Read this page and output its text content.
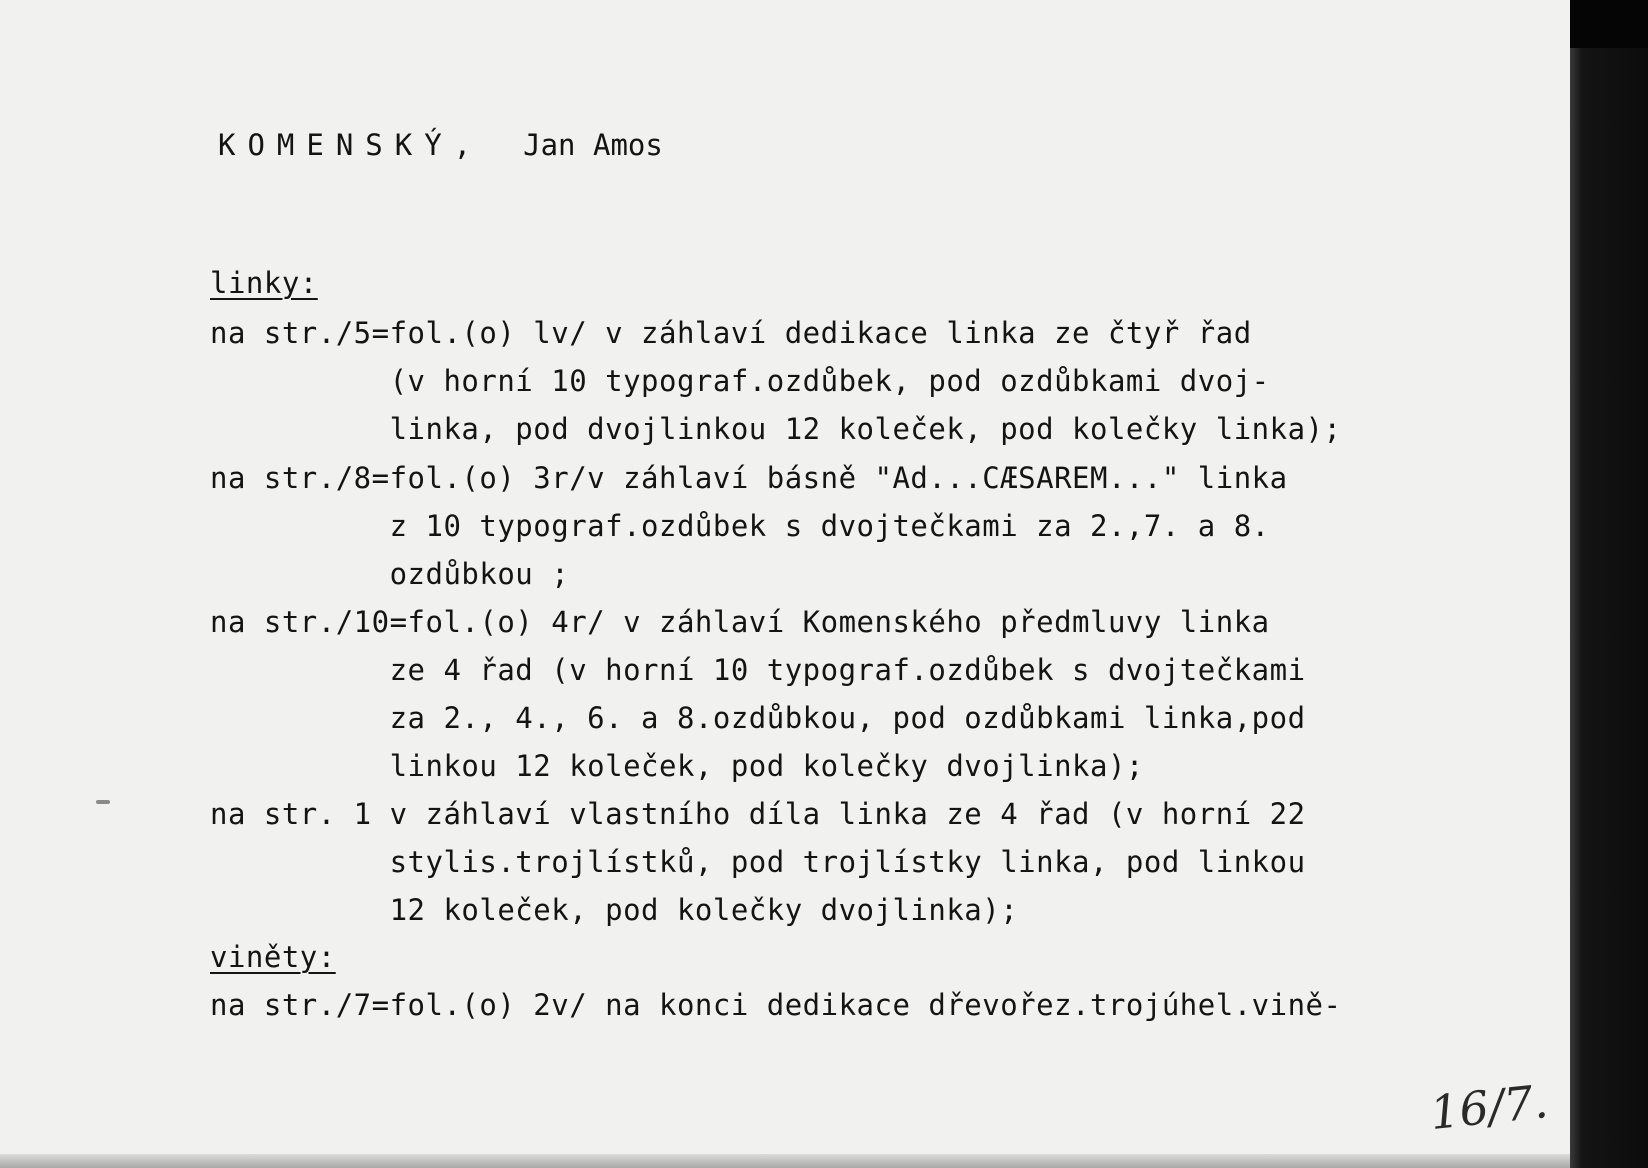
KOMENSKÝ, Jan Amos
linky:
na str./5=fol.(o) lv/ v záhlaví dedikace linka ze čtyř řad
(v horní 10 typograf.ozdůbek, pod ozdůbkami dvoj-
linka, pod dvojlinkou 12 koleček, pod kolečky linka);
na str./8=fol.(o) 3r/v záhlaví básně "Ad...CÆSAREM..." linka
z 10 typograf.ozdůbek s dvojtečkami za 2.,7. a 8.
ozdůbkou ;
na str./10=fol.(o) 4r/ v záhlaví Komenského předmluvy linka
ze 4 řad (v horní 10 typograf.ozdůbek s dvojtečkami
za 2., 4., 6. a 8.ozdůbkou, pod ozdůbkami linka,pod
linkou 12 koleček, pod kolečky dvojlinka);
na str. 1 v záhlaví vlastního díla linka ze 4 řad (v horní 22
stylis.trojlístků, pod trojlístky linka, pod linkou
12 koleček, pod kolečky dvojlinka);
viněty:
na str./7=fol.(o) 2v/ na konci dedikace dřevořez.trojúhel.vině-
16/7.
